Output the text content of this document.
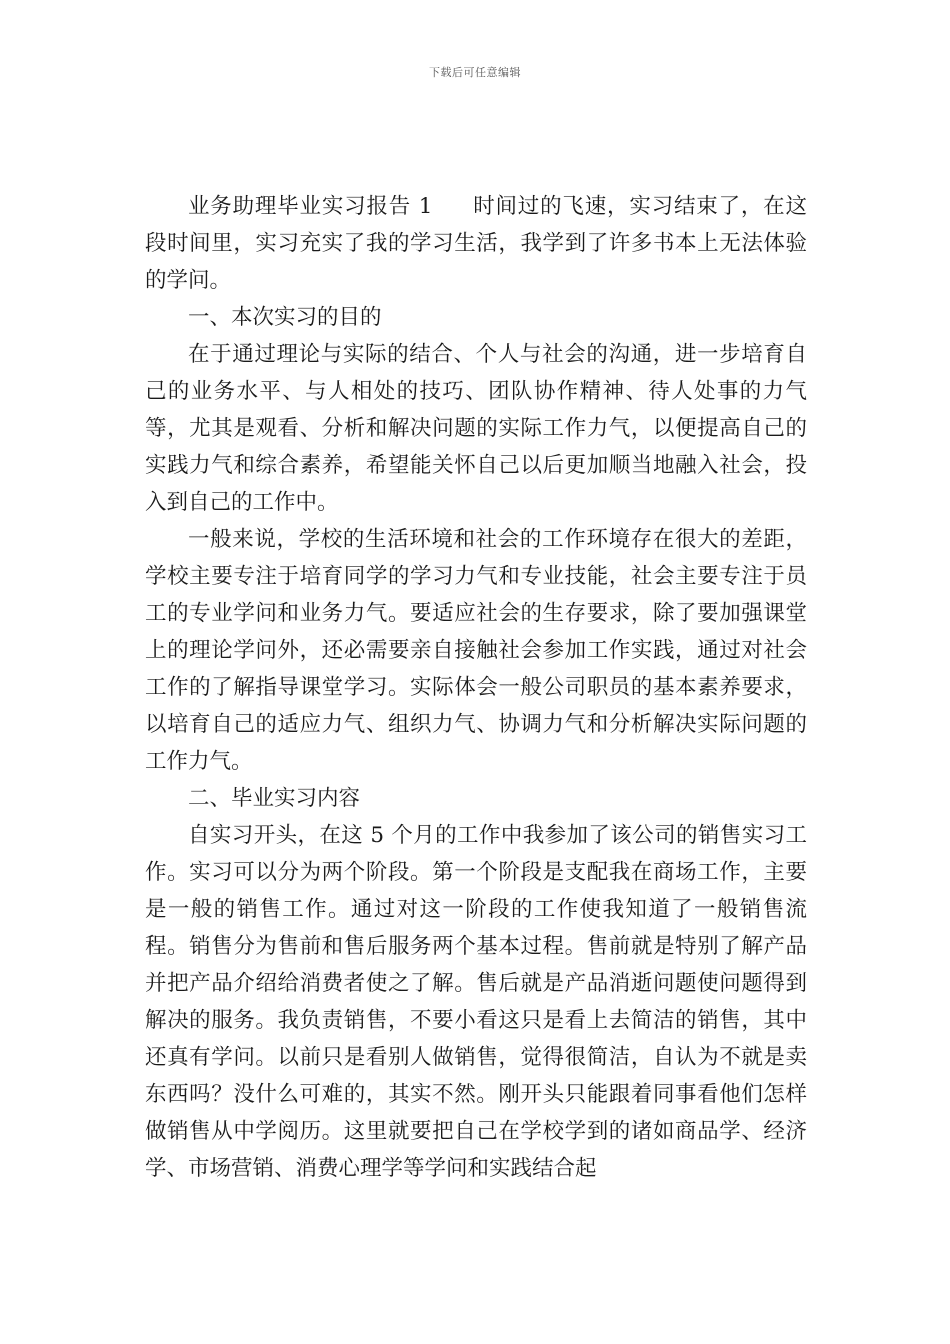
下载后可任意编辑

业务助理毕业实习报告 1 时间过的飞速，实习结束了，在这段时间里，实习充实了我的学习生活，我学到了许多书本上无法体验的学问。

一、本次实习的目的

在于通过理论与实际的结合、个人与社会的沟通，进一步培育自己的业务水平、与人相处的技巧、团队协作精神、待人处事的力气等，尤其是观看、分析和解决问题的实际工作力气，以便提高自己的实践力气和综合素养，希望能关怀自己以后更加顺当地融入社会，投入到自己的工作中。

一般来说，学校的生活环境和社会的工作环境存在很大的差距，学校主要专注于培育同学的学习力气和专业技能，社会主要专注于员工的专业学问和业务力气。要适应社会的生存要求，除了要加强课堂上的理论学问外，还必需要亲自接触社会参加工作实践，通过对社会工作的了解指导课堂学习。实际体会一般公司职员的基本素养要求，以培育自己的适应力气、组织力气、协调力气和分析解决实际问题的工作力气。

二、毕业实习内容

自实习开头，在这 5 个月的工作中我参加了该公司的销售实习工作。实习可以分为两个阶段。第一个阶段是支配我在商场工作，主要是一般的销售工作。通过对这一阶段的工作使我知道了一般销售流程。销售分为售前和售后服务两个基本过程。售前就是特别了解产品并把产品介绍给消费者使之了解。售后就是产品消逝问题使问题得到解决的服务。我负责销售，不要小看这只是看上去简洁的销售，其中还真有学问。以前只是看别人做销售，觉得很简洁，自认为不就是卖东西吗？没什么可难的，其实不然。刚开头只能跟着同事看他们怎样做销售从中学阅历。这里就要把自己在学校学到的诸如商品学、经济学、市场营销、消费心理学等学问和实践结合起
